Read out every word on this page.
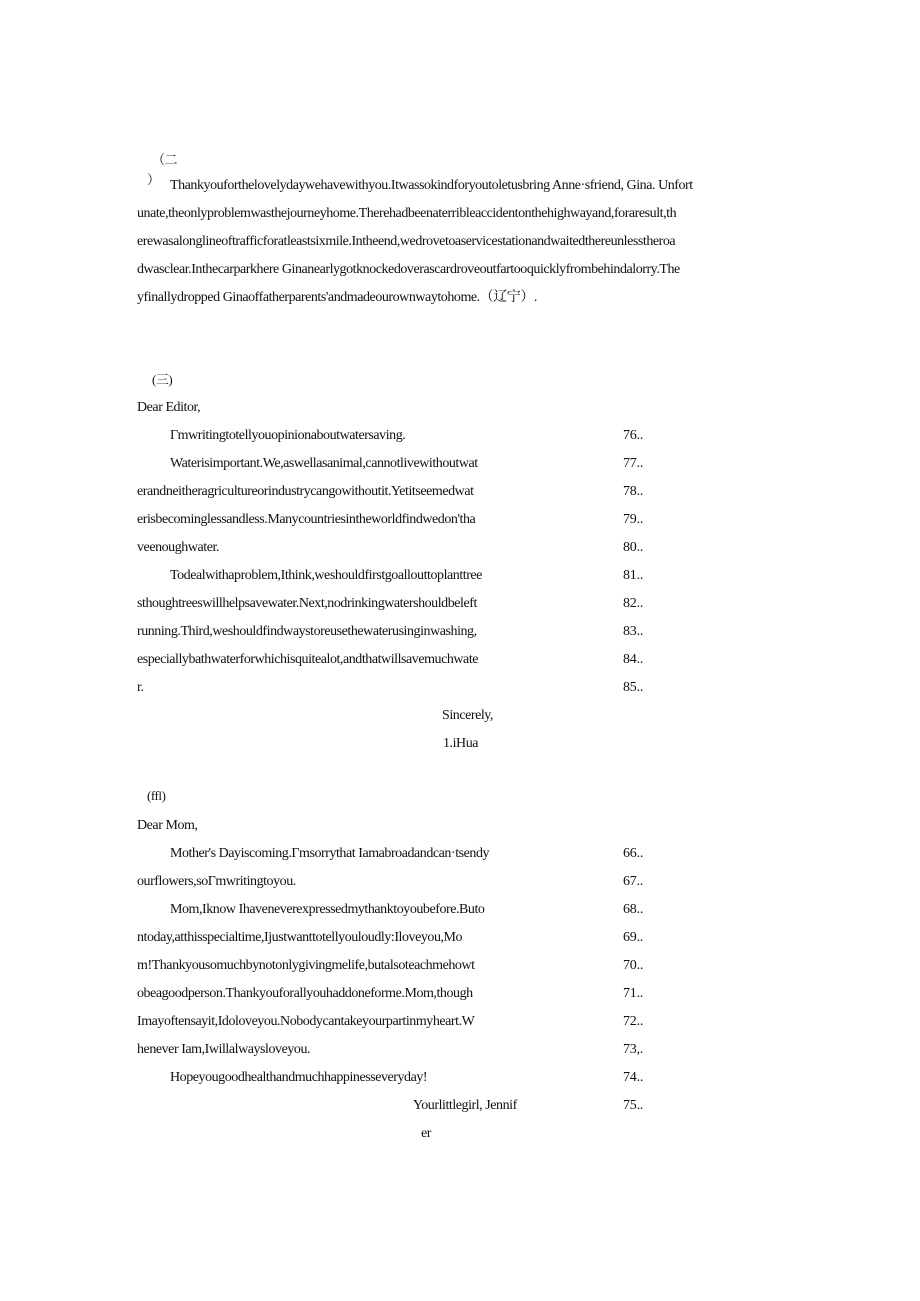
（二
） Thankyouforthelovelydaywehavewithyou.Itwassokindforyoutoletusbring Anne·sfriend, Gina. Unfort
unate,theonlyproblemwasthejourneyhome.Therehadbeenaterribleaccidentonthehighwayand,foraresult,th
erewasalonglineoftrafficforatleastsixmile.Intheend,wedrovetoaservicestationandwaitedthereunlesstheroa
dwasclear.Inthecarparkhere Ginanearlygotknockedoverascardroveoutfartooquicklyfrombehindalorry.The
yfinallydropped Ginaoffatherparents'andmadeourownwaytohome.（辽宁）.
(三)
Dear Editor,
Γmwritingtotellyouopinionaboutwatersaving.	76..
Waterisimportant.We,aswellasanimal,cannotlivewithoutwat	77..
erandneitheragricultureorindustrycangowithoutit.Yetitseemedwat	78..
erisbecominglessandless.Manycountriesintheworldfindwedon'tha	79..
veenoughwater.	80..
Todealwithaproblem,Ithink,weshouldfirstgoallouttoplanttree	81..
sthoughtreeswillhelpsavewater.Next,nodrinkingwatershouldbeleft	82..
running.Third,weshouldfindwaystoreusethewaterusinginwashing,	83..
especiallybathwaterforwhichisquitealot,andthatwillsavemuchwate	84..
r.	85..
Sincerely,
1.iHua
(ffl)
Dear Mom,
Mother's Dayiscoming.Γmsorrythat Iamabroadandcan·tsendy	66..
ourflowers,soΓmwritingtoyou.	67..
Mom,Iknow Ihaveneverexpressedmythanktoyoubefore.Buto	68..
ntoday,atthisspecialtime,Ijustwanttotellyouloudly:Iloveyou,Mo	69..
m!Thankyousomuchbynotonlygivingmelife,butalsoteachmehowt	70..
obeagoodperson.Thankyouforallyouhaddoneforme.Mom,though	71..
Imayoftensayit,Idoloveyou.Nobodycantakeyourpartinmyheart.W	72..
henever Iam,Iwillalwaysloveyou.	73,.
Hopeyougoodhealthandmuchhappinesseveryday!	74..
Yourlittlegirl, Jennif	75..
er
